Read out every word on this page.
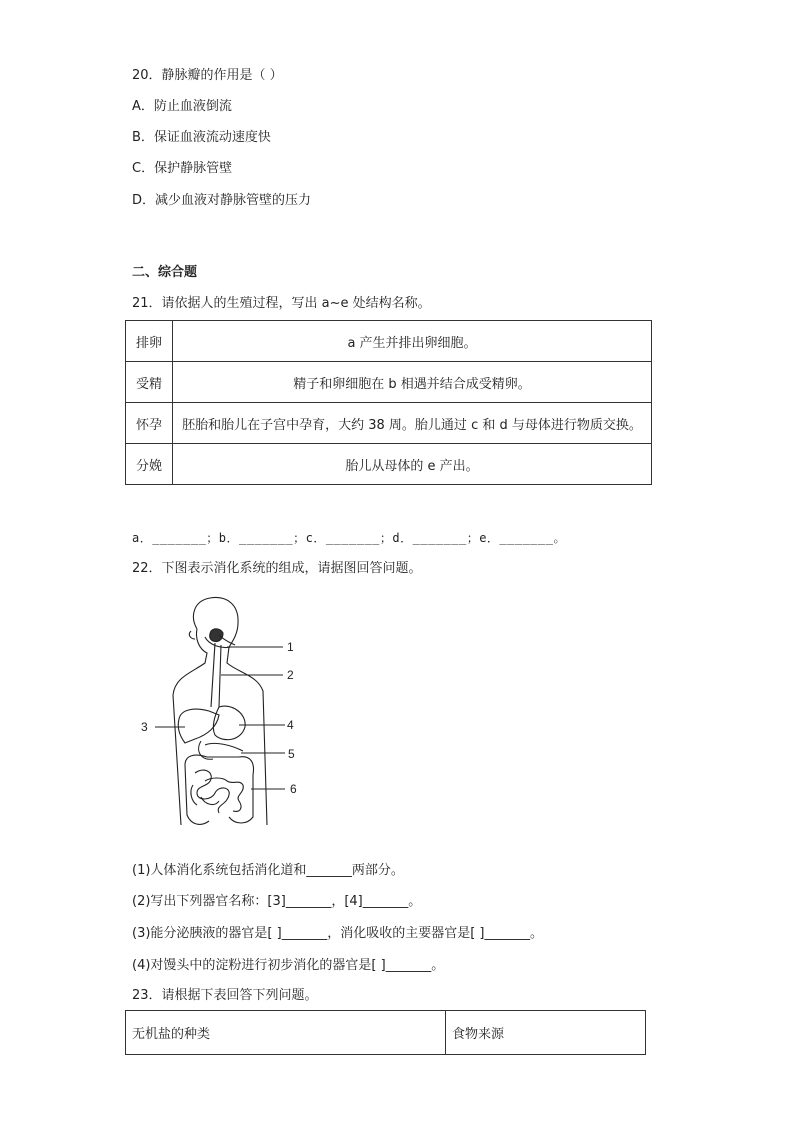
20．静脉瓣的作用是（ ）
A．防止血液倒流
B．保证血液流动速度快
C．保护静脉管壁
D．减少血液对静脉管壁的压力
二、综合题
21．请依据人的生殖过程，写出 a~e 处结构名称。
排卵	a 产生并排出卵细胞。
受精	精子和卵细胞在 b 相遇并结合成受精卵。
怀孕	胚胎和胎儿在子宫中孕育，大约 38 周。胎儿通过 c 和 d 与母体进行物质交换。
分娩	胎儿从母体的 e 产出。
a．_______；b．_______；c．_______；d．_______；e．_______。
22．下图表示消化系统的组成，请据图回答问题。
1
2
3	4
5
6
(1)人体消化系统包括消化道和_______两部分。
(2)写出下列器官名称：[3]_______，[4]_______。
(3)能分泌胰液的器官是[ ]_______，消化吸收的主要器官是[ ]_______。
(4)对馒头中的淀粉进行初步消化的器官是[ ]_______。
23．请根据下表回答下列问题。
无机盐的种类	食物来源
